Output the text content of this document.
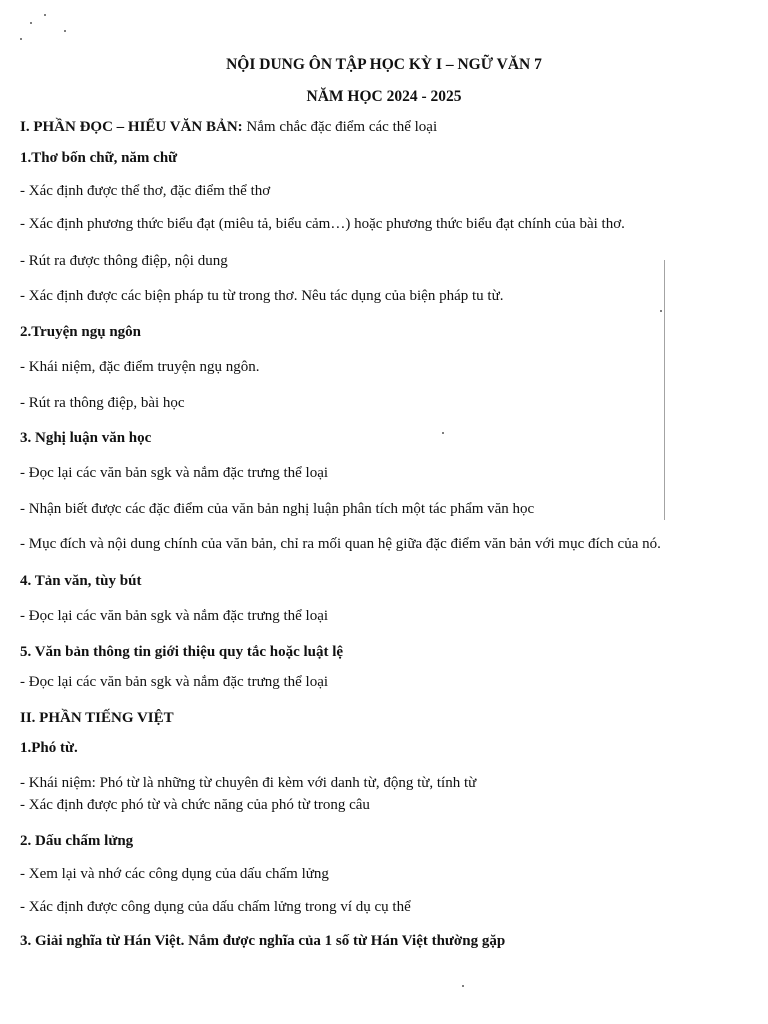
NỘI DUNG ÔN TẬP HỌC KỲ I – NGỮ VĂN 7
NĂM HỌC 2024 - 2025
I. PHẦN ĐỌC – HIỂU VĂN BẢN: Nắm chắc đặc điểm các thể loại
1.Thơ bốn chữ, năm chữ
- Xác định được thể thơ, đặc điểm thể thơ
- Xác định phương thức biểu đạt (miêu tả, biểu cảm…) hoặc phương thức biểu đạt chính của bài thơ.
- Rút ra được thông điệp, nội dung
- Xác định được các biện pháp tu từ trong thơ. Nêu tác dụng của biện pháp tu từ.
2.Truyện ngụ ngôn
- Khái niệm, đặc điểm truyện ngụ ngôn.
- Rút ra thông điệp, bài học
3. Nghị luận văn học
- Đọc lại các văn bản sgk và nắm đặc trưng thể loại
- Nhận biết được các đặc điểm của văn bản nghị luận phân tích một tác phẩm văn học
- Mục đích và nội dung chính của văn bản, chỉ ra mối quan hệ giữa đặc điểm văn bản với mục đích của nó.
4. Tản văn, tùy bút
- Đọc lại các văn bản sgk và nắm đặc trưng thể loại
5. Văn bản thông tin giới thiệu quy tắc hoặc luật lệ
- Đọc lại các văn bản sgk và nắm đặc trưng thể loại
II. PHẦN TIẾNG VIỆT
1.Phó từ.
- Khái niệm: Phó từ là những từ chuyên đi kèm với danh từ, động từ, tính từ
- Xác định được phó từ và chức năng của phó từ trong câu
2. Dấu chấm lửng
- Xem lại và nhớ các công dụng của dấu chấm lửng
- Xác định được công dụng của dấu chấm lửng trong ví dụ cụ thể
3. Giải nghĩa từ Hán Việt. Nắm được nghĩa của 1 số từ Hán Việt thường gặp
